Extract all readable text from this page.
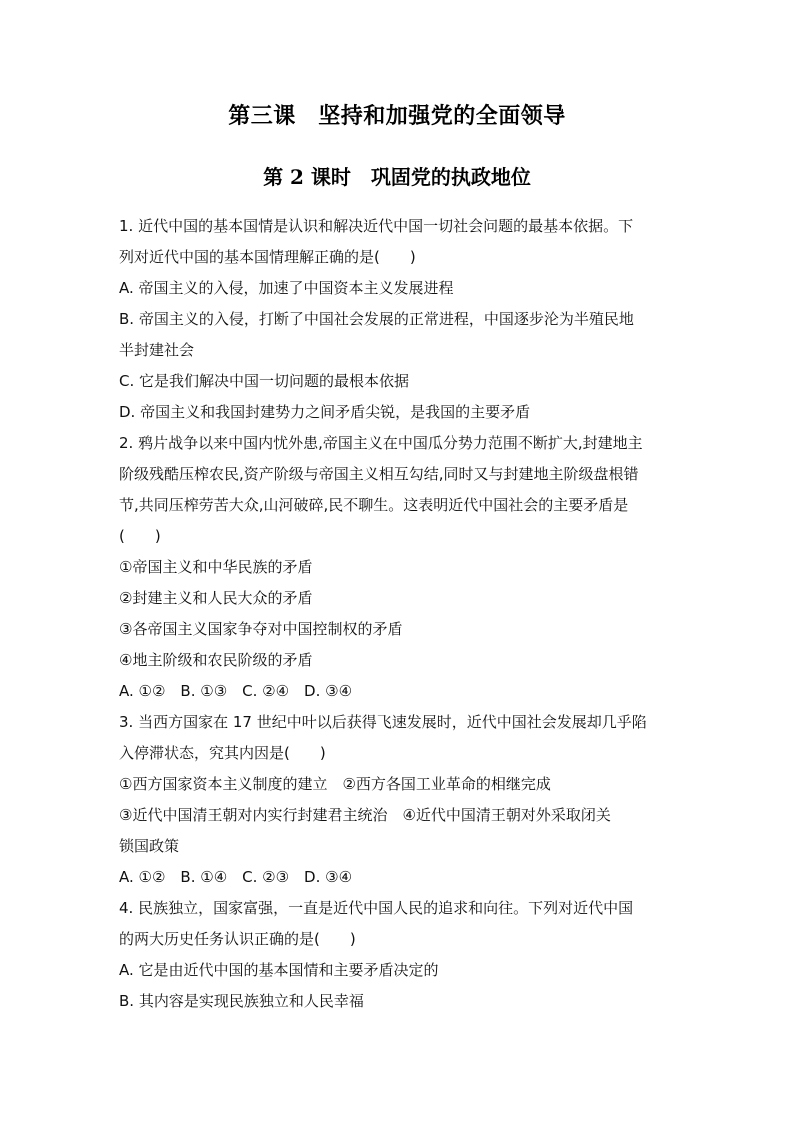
第三课　坚持和加强党的全面领导
第 2 课时　巩固党的执政地位
1. 近代中国的基本国情是认识和解决近代中国一切社会问题的最基本依据。下
列对近代中国的基本国情理解正确的是(　　)
A. 帝国主义的入侵，加速了中国资本主义发展进程
B. 帝国主义的入侵，打断了中国社会发展的正常进程，中国逐步沦为半殖民地
半封建社会
C. 它是我们解决中国一切问题的最根本依据
D. 帝国主义和我国封建势力之间矛盾尖锐，是我国的主要矛盾
2. 鸦片战争以来中国内忧外患,帝国主义在中国瓜分势力范围不断扩大,封建地主
阶级残酷压榨农民,资产阶级与帝国主义相互勾结,同时又与封建地主阶级盘根错
节,共同压榨劳苦大众,山河破碎,民不聊生。这表明近代中国社会的主要矛盾是
(　　)
①帝国主义和中华民族的矛盾
②封建主义和人民大众的矛盾
③各帝国主义国家争夺对中国控制权的矛盾
④地主阶级和农民阶级的矛盾
A. ①②　B. ①③　C. ②④　D. ③④
3. 当西方国家在 17 世纪中叶以后获得飞速发展时，近代中国社会发展却几乎陷
入停滞状态，究其内因是(　　)
①西方国家资本主义制度的建立　②西方各国工业革命的相继完成
③近代中国清王朝对内实行封建君主统治　④近代中国清王朝对外采取闭关
锁国政策
A. ①②　B. ①④　C. ②③　D. ③④
4. 民族独立，国家富强，一直是近代中国人民的追求和向往。下列对近代中国
的两大历史任务认识正确的是(　　)
A. 它是由近代中国的基本国情和主要矛盾决定的
B. 其内容是实现民族独立和人民幸福
